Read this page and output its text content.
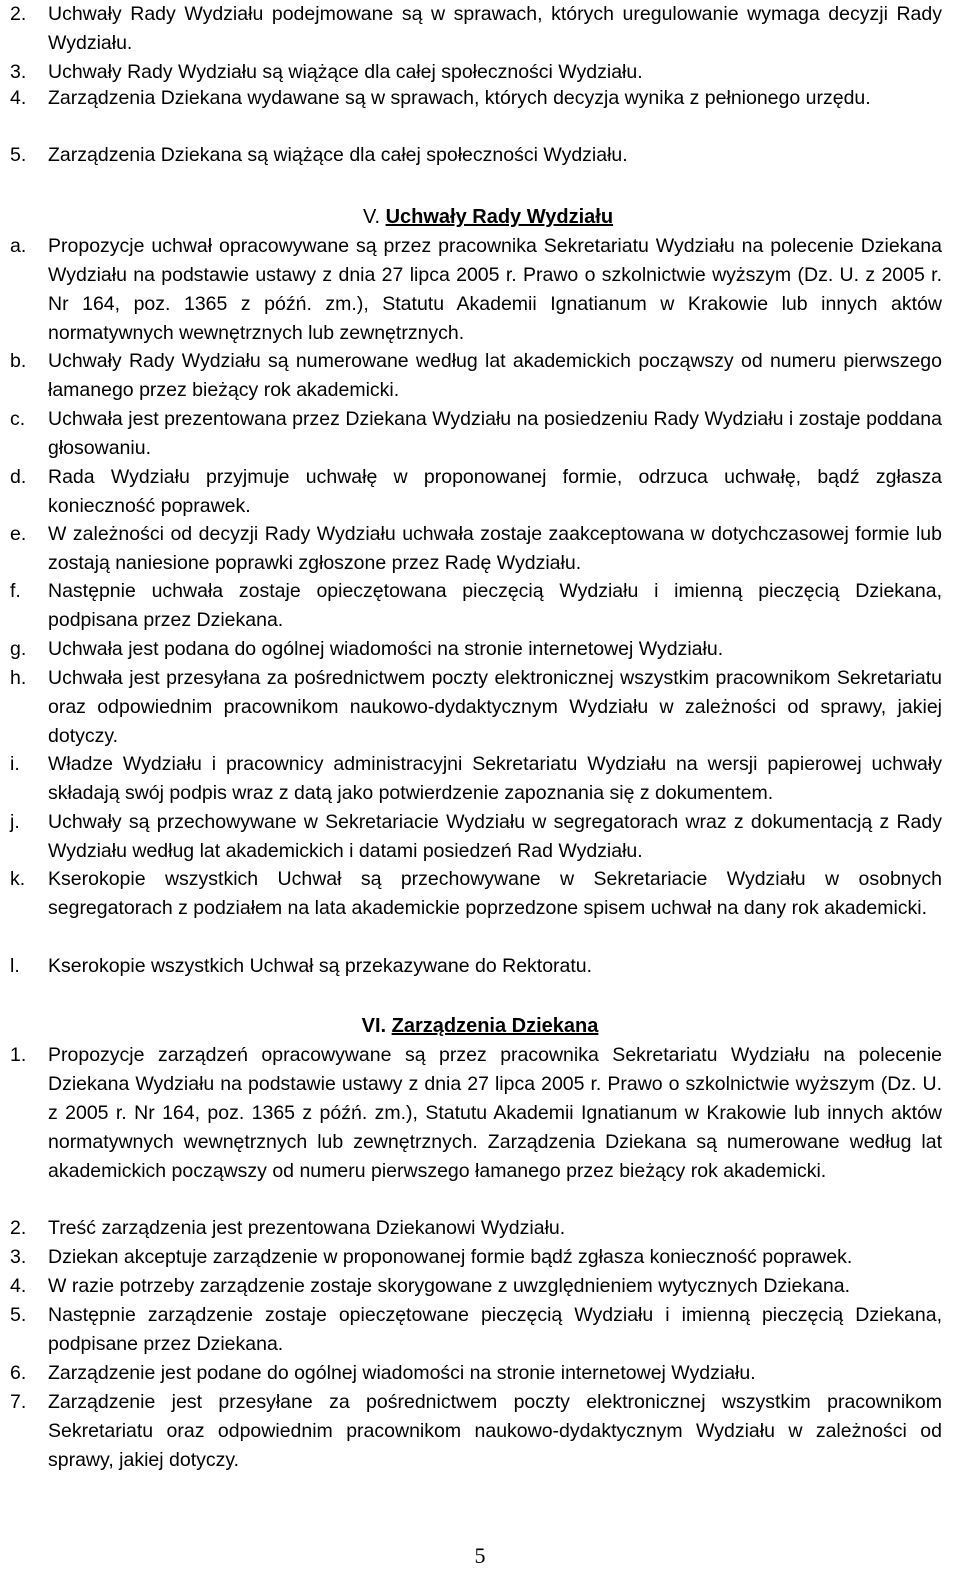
2. Uchwały Rady Wydziału podejmowane są w sprawach, których uregulowanie wymaga decyzji Rady Wydziału.
3. Uchwały Rady Wydziału są wiążące dla całej społeczności Wydziału.
4. Zarządzenia Dziekana wydawane są w sprawach, których decyzja wynika z pełnionego urzędu.
5. Zarządzenia Dziekana są wiążące dla całej społeczności Wydziału.
V. Uchwały Rady Wydziału
a. Propozycje uchwał opracowywane są przez pracownika Sekretariatu Wydziału na polecenie Dziekana Wydziału na podstawie ustawy z dnia 27 lipca 2005 r. Prawo o szkolnictwie wyższym (Dz. U. z 2005 r. Nr 164, poz. 1365 z późń. zm.), Statutu Akademii Ignatianum w Krakowie lub innych aktów normatywnych wewnętrznych lub zewnętrznych.
b. Uchwały Rady Wydziału są numerowane według lat akademickich począwszy od numeru pierwszego łamanego przez bieżący rok akademicki.
c. Uchwała jest prezentowana przez Dziekana Wydziału na posiedzeniu Rady Wydziału i zostaje poddana głosowaniu.
d. Rada Wydziału przyjmuje uchwałę w proponowanej formie, odrzuca uchwałę, bądź zgłasza konieczność poprawek.
e. W zależności od decyzji Rady Wydziału uchwała zostaje zaakceptowana w dotychczasowej formie lub zostają naniesione poprawki zgłoszone przez Radę Wydziału.
f. Następnie uchwała zostaje opieczętowana pieczęcią Wydziału i imienną pieczęcią Dziekana, podpisana przez Dziekana.
g. Uchwała jest podana do ogólnej wiadomości na stronie internetowej Wydziału.
h. Uchwała jest przesyłana za pośrednictwem poczty elektronicznej wszystkim pracownikom Sekretariatu oraz odpowiednim pracownikom naukowo-dydaktycznym Wydziału w zależności od sprawy, jakiej dotyczy.
i. Władze Wydziału i pracownicy administracyjni Sekretariatu Wydziału na wersji papierowej uchwały składają swój podpis wraz z datą jako potwierdzenie zapoznania się z dokumentem.
j. Uchwały są przechowywane w Sekretariacie Wydziału w segregatorach wraz z dokumentacją z Rady Wydziału według lat akademickich i datami posiedzeń Rad Wydziału.
k. Kserokopie wszystkich Uchwał są przechowywane w Sekretariacie Wydziału w osobnych segregatorach z podziałem na lata akademickie poprzedzone spisem uchwał na dany rok akademicki.
l. Kserokopie wszystkich Uchwał są przekazywane do Rektoratu.
VI. Zarządzenia Dziekana
1. Propozycje zarządzeń opracowywane są przez pracownika Sekretariatu Wydziału na polecenie Dziekana Wydziału na podstawie ustawy z dnia 27 lipca 2005 r. Prawo o szkolnictwie wyższym (Dz. U. z 2005 r. Nr 164, poz. 1365 z późń. zm.), Statutu Akademii Ignatianum w Krakowie lub innych aktów normatywnych wewnętrznych lub zewnętrznych. Zarządzenia Dziekana są numerowane według lat akademickich począwszy od numeru pierwszego łamanego przez bieżący rok akademicki.
2. Treść zarządzenia jest prezentowana Dziekanowi Wydziału.
3. Dziekan akceptuje zarządzenie w proponowanej formie bądź zgłasza konieczność poprawek.
4. W razie potrzeby zarządzenie zostaje skorygowane z uwzględnieniem wytycznych Dziekana.
5. Następnie zarządzenie zostaje opieczętowane pieczęcią Wydziału i imienną pieczęcią Dziekana, podpisane przez Dziekana.
6. Zarządzenie jest podane do ogólnej wiadomości na stronie internetowej Wydziału.
7. Zarządzenie jest przesyłane za pośrednictwem poczty elektronicznej wszystkim pracownikom Sekretariatu oraz odpowiednim pracownikom naukowo-dydaktycznym Wydziału w zależności od sprawy, jakiej dotyczy.
5
